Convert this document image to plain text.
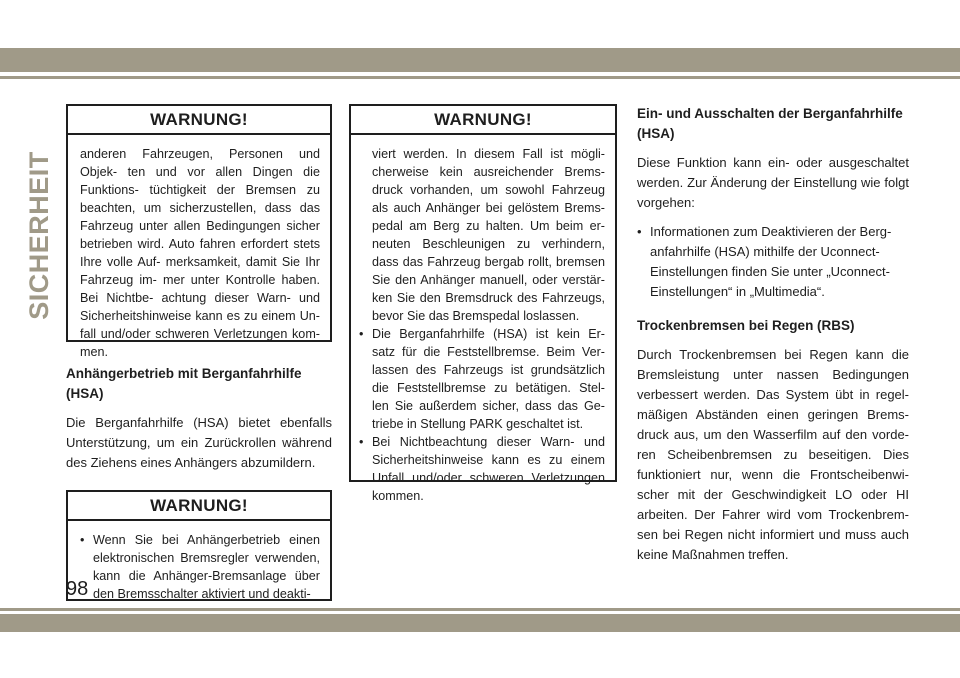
SICHERHEIT
WARNUNG!
anderen Fahrzeugen, Personen und Objek- ten und vor allen Dingen die Funktions- tüchtigkeit der Bremsen zu beachten, um sicherzustellen, dass das Fahrzeug unter allen Bedingungen sicher betrieben wird. Auto fahren erfordert stets Ihre volle Auf- merksamkeit, damit Sie Ihr Fahrzeug im- mer unter Kontrolle haben. Bei Nichtbe- achtung dieser Warn- und Sicherheitshinweise kann es zu einem Un- fall und/oder schweren Verletzungen kom- men.
Anhängerbetrieb mit Berganfahrhilfe (HSA)
Die Berganfahrhilfe (HSA) bietet ebenfalls Unterstützung, um ein Zurückrollen während des Ziehens eines Anhängers abzumildern.
WARNUNG!
• Wenn Sie bei Anhängerbetrieb einen elektronischen Bremsregler verwenden, kann die Anhänger-Bremsanlage über den Bremsschalter aktiviert und deakti-
WARNUNG!
viert werden. In diesem Fall ist mögli- cherweise kein ausreichender Brems- druck vorhanden, um sowohl Fahrzeug als auch Anhänger bei gelöstem Brems- pedal am Berg zu halten. Um beim er- neuten Beschleunigen zu verhindern, dass das Fahrzeug bergab rollt, bremsen Sie den Anhänger manuell, oder verstär- ken Sie den Bremsdruck des Fahrzeugs, bevor Sie das Bremspedal loslassen.
• Die Berganfahrhilfe (HSA) ist kein Er- satz für die Feststellbremse. Beim Ver- lassen des Fahrzeugs ist grundsätzlich die Feststellbremse zu betätigen. Stel- len Sie außerdem sicher, dass das Ge- triebe in Stellung PARK geschaltet ist.
• Bei Nichtbeachtung dieser Warn- und Sicherheitshinweise kann es zu einem Unfall und/oder schweren Verletzungen kommen.
Ein- und Ausschalten der Berganfahrhilfe (HSA)
Diese Funktion kann ein- oder ausgeschaltet werden. Zur Änderung der Einstellung wie folgt vorgehen:
• Informationen zum Deaktivieren der Berg- anfahrhilfe (HSA) mithilfe der Uconnect- Einstellungen finden Sie unter „Uconnect- Einstellungen“ in „Multimedia“.
Trockenbremsen bei Regen (RBS)
Durch Trockenbremsen bei Regen kann die Bremsleistung unter nassen Bedingungen verbessert werden. Das System übt in regel- mäßigen Abständen einen geringen Brems- druck aus, um den Wasserfilm auf den vorde- ren Scheibenbremsen zu beseitigen. Dies funktioniert nur, wenn die Frontscheibenwi- scher mit der Geschwindigkeit LO oder HI arbeiten. Der Fahrer wird vom Trockenbrem- sen bei Regen nicht informiert und muss auch keine Maßnahmen treffen.
98
